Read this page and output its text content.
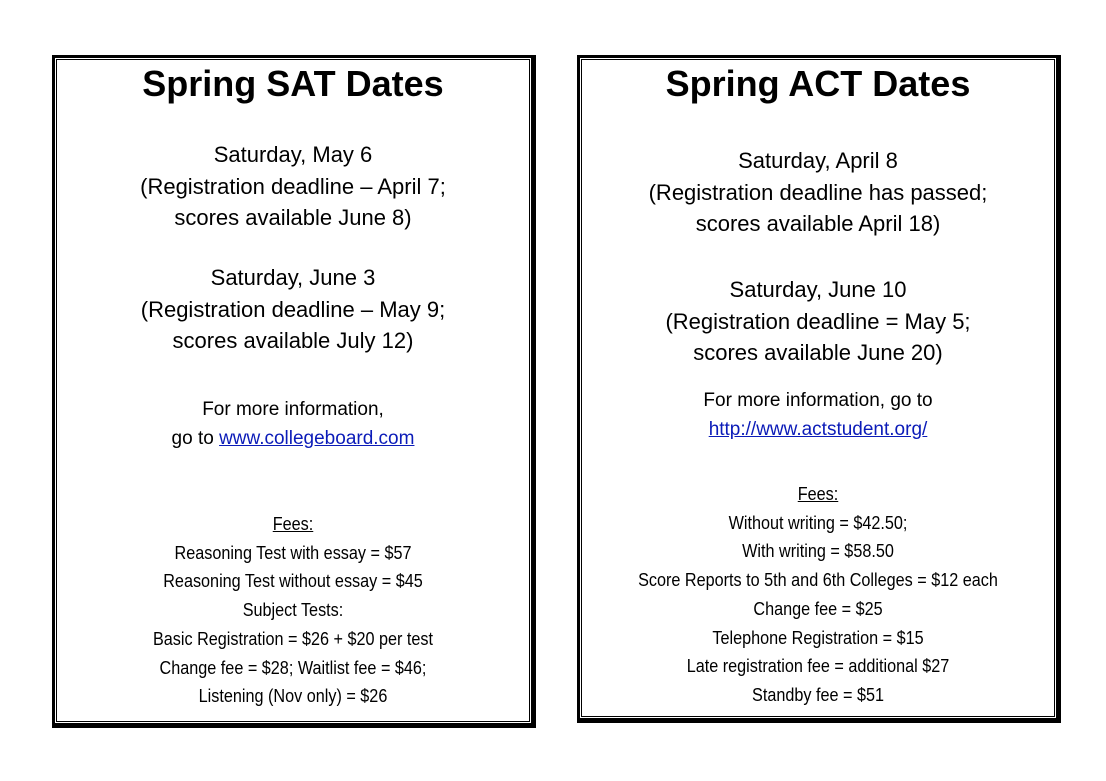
Spring SAT Dates
Saturday, May 6
(Registration deadline – April 7;
scores available June 8)
Saturday, June 3
(Registration deadline – May 9;
scores available July 12)
For more information,
go to www.collegeboard.com
Fees:
Reasoning Test with essay = $57
Reasoning Test without essay = $45
Subject Tests:
Basic Registration = $26 + $20 per test
Change fee = $28; Waitlist fee = $46;
Listening (Nov only) = $26
Spring ACT Dates
Saturday, April 8
(Registration deadline has passed;
scores available April 18)
Saturday, June 10
(Registration deadline = May 5;
scores available June 20)
For more information, go to
http://www.actstudent.org/
Fees:
Without writing = $42.50;
With writing = $58.50
Score Reports to 5th and 6th Colleges = $12 each
Change fee = $25
Telephone Registration = $15
Late registration fee = additional $27
Standby fee = $51
